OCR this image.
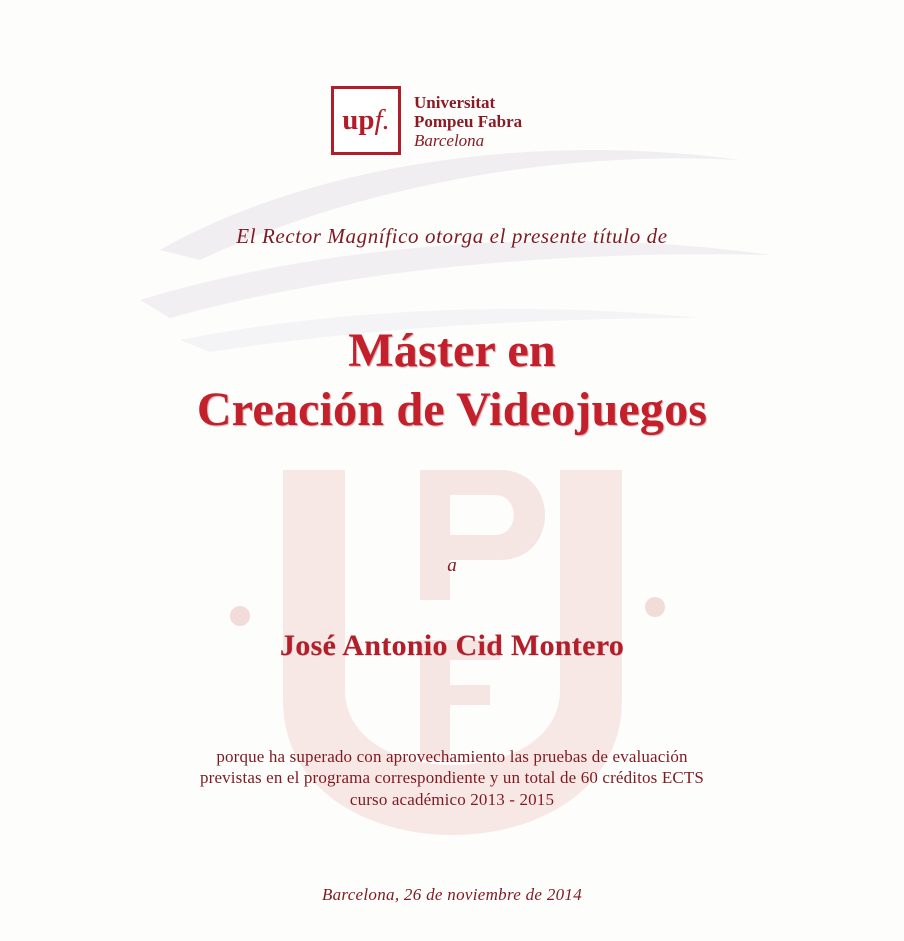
up f.
Universitat
Pompeu Fabra
Barcelona
El Rector Magnífico otorga el presente título de
Máster en
Creación de Videojuegos
a
José Antonio Cid Montero
porque ha superado con aprovechamiento las pruebas de evaluación
previstas en el programa correspondiente y un total de 60 créditos ECTS
curso académico 2013 - 2015
Barcelona, 26 de noviembre de 2014
